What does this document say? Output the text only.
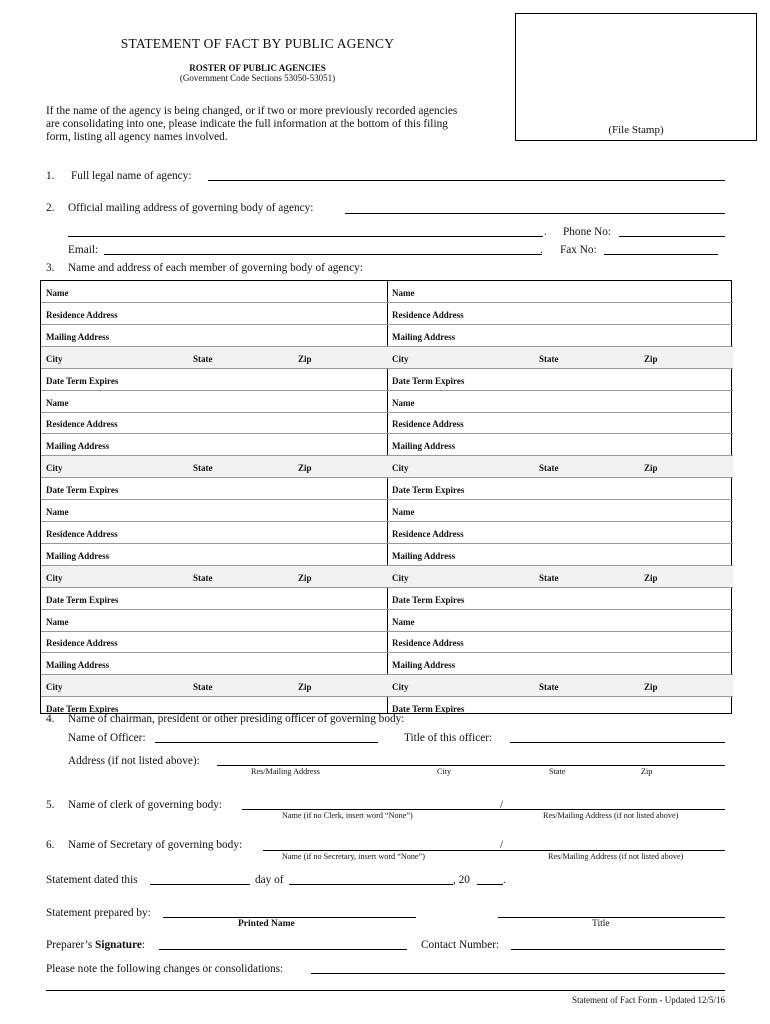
STATEMENT OF FACT BY PUBLIC AGENCY
ROSTER OF PUBLIC AGENCIES
(Government Code Sections 53050-53051)
If the name of the agency is being changed, or if two or more previously recorded agencies
are consolidating into one, please indicate the full information at the bottom of this filing
form, listing all agency names involved.
(File Stamp)
1. Full legal name of agency:
2. Official mailing address of governing body of agency:
. Phone No:
Email:	. Fax No:
3. Name and address of each member of governing body of agency:
Name
Residence Address
Mailing Address
City	State	Zip
Date Term Expires
Name
Residence Address
Mailing Address
City	State	Zip
Date Term Expires
Name
Residence Address
Mailing Address
City	State	Zip
Date Term Expires
Name
Residence Address
Mailing Address
City	State	Zip
Date Term Expires
Name
Residence Address
Mailing Address
City	State	Zip
Date Term Expires
Name
Residence Address
Mailing Address
City	State	Zip
Date Term Expires
Name
Residence Address
Mailing Address
City	State	Zip
Date Term Expires
Name
Residence Address
Mailing Address
City	State	Zip
Date Term Expires
4. Name of chairman, president or other presiding officer of governing body:
Name of Officer:	Title of this officer:
Address (if not listed above):
Res/Mailing Address	City	State	Zip
5. Name of clerk of governing body:	/
Name (if no Clerk, insert word “None”)	Res/Mailing Address (if not listed above)
6. Name of Secretary of governing body:	/
Name (if no Secretary, insert word “None”)	Res/Mailing Address (if not listed above)
Statement dated this	day of	, 20	.
Statement prepared by:
Printed Name	Title
Preparer’s Signature:	Contact Number:
Please note the following changes or consolidations:
Statement of Fact Form - Updated 12/5/16
